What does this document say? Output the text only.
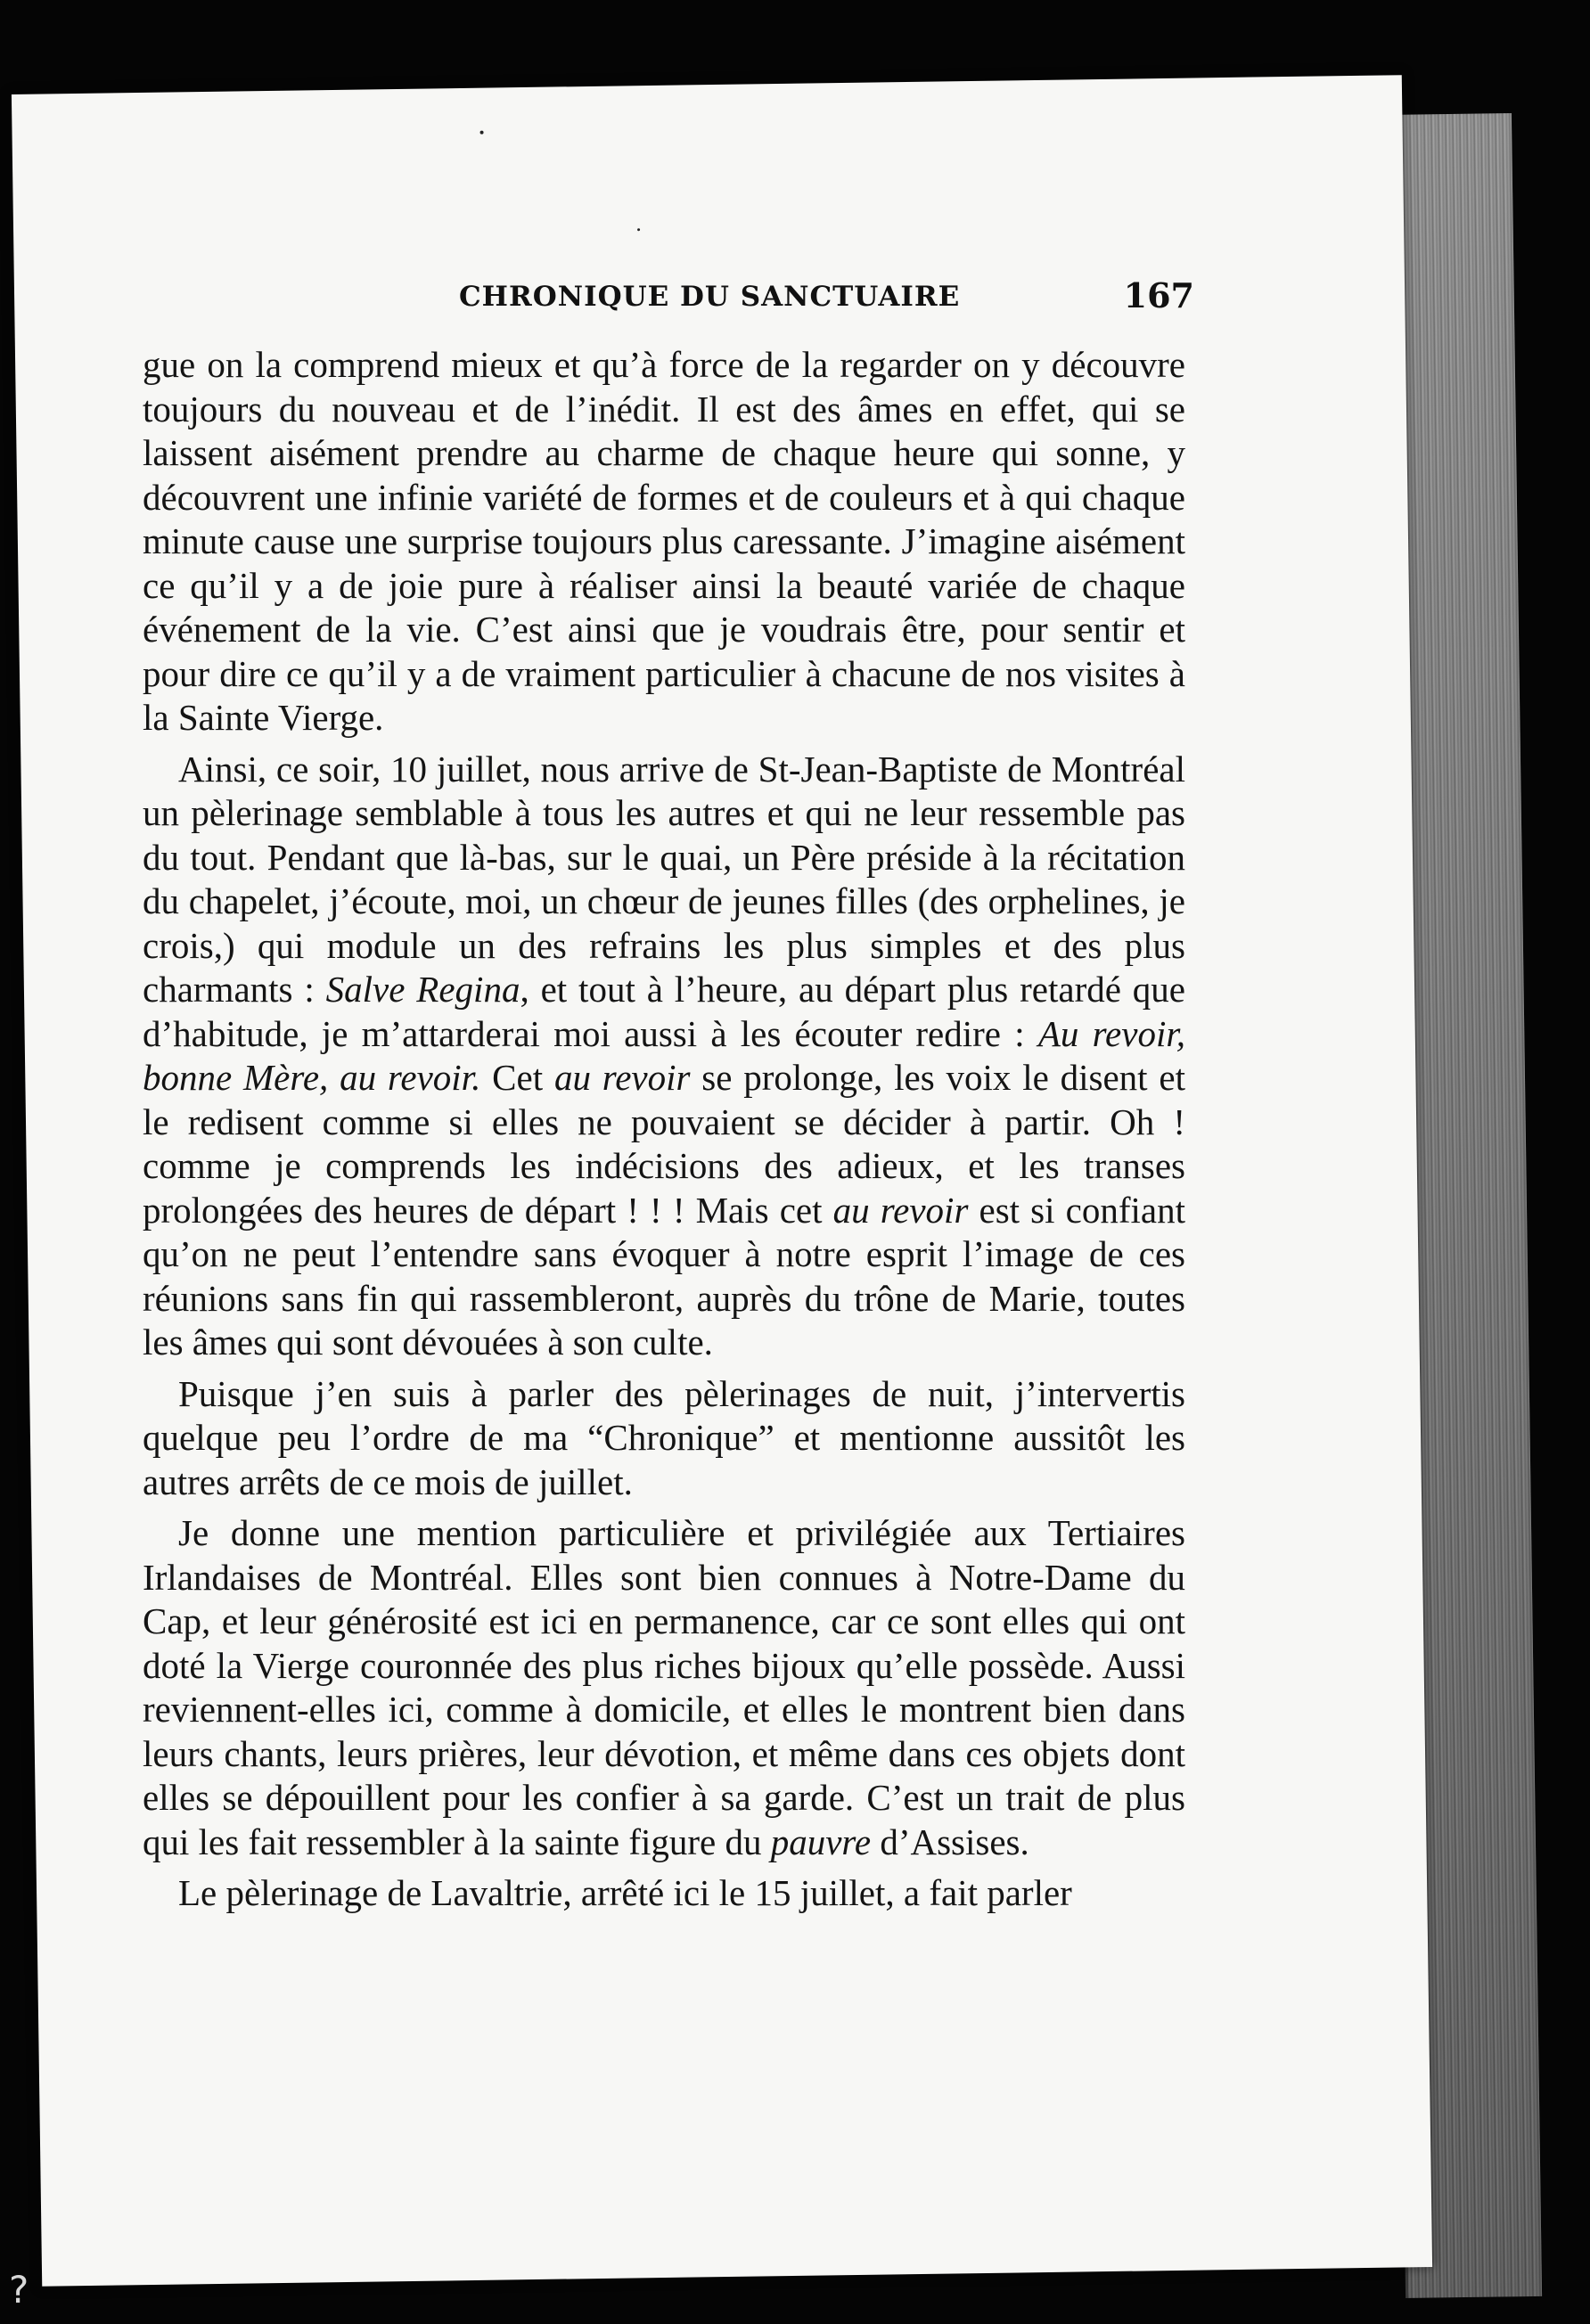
CHRONIQUE DU SANCTUAIRE	167

gue on la comprend mieux et qu’à force de la regarder on y découvre toujours du nouveau et de l’inédit. Il est des âmes en effet, qui se laissent aisément prendre au charme de chaque heure qui sonne, y découvrent une infinie variété de formes et de couleurs et à qui chaque minute cause une surprise toujours plus caressante. J’imagine aisément ce qu’il y a de joie pure à réaliser ainsi la beauté variée de chaque événement de la vie. C’est ainsi que je voudrais être, pour sentir et pour dire ce qu’il y a de vraiment particulier à chacune de nos visites à la Sainte Vierge.

Ainsi, ce soir, 10 juillet, nous arrive de St-Jean-Baptiste de Montréal un pèlerinage semblable à tous les autres et qui ne leur ressemble pas du tout. Pendant que là-bas, sur le quai, un Père préside à la récitation du chapelet, j’écoute, moi, un chœur de jeunes filles (des orphelines, je crois,) qui module un des refrains les plus simples et des plus charmants : Salve Regina, et tout à l’heure, au départ plus retardé que d’habitude, je m’attarderai moi aussi à les écouter redire : Au revoir, bonne Mère, au revoir. Cet au revoir se prolonge, les voix le disent et le redisent comme si elles ne pouvaient se décider à partir. Oh ! comme je comprends les indécisions des adieux, et les transes prolongées des heures de départ ! ! ! Mais cet au revoir est si confiant qu’on ne peut l’entendre sans évoquer à notre esprit l’image de ces réunions sans fin qui rassembleront, auprès du trône de Marie, toutes les âmes qui sont dévouées à son culte.

Puisque j’en suis à parler des pèlerinages de nuit, j’intervertis quelque peu l’ordre de ma “Chronique” et mentionne aussitôt les autres arrêts de ce mois de juillet.

Je donne une mention particulière et privilégiée aux Tertiaires Irlandaises de Montréal. Elles sont bien connues à Notre-Dame du Cap, et leur générosité est ici en permanence, car ce sont elles qui ont doté la Vierge couronnée des plus riches bijoux qu’elle possède. Aussi reviennent-elles ici, comme à domicile, et elles le montrent bien dans leurs chants, leurs prières, leur dévotion, et même dans ces objets dont elles se dépouillent pour les confier à sa garde. C’est un trait de plus qui les fait ressembler à la sainte figure du pauvre d’Assises.

Le pèlerinage de Lavaltrie, arrêté ici le 15 juillet, a fait parler

?
